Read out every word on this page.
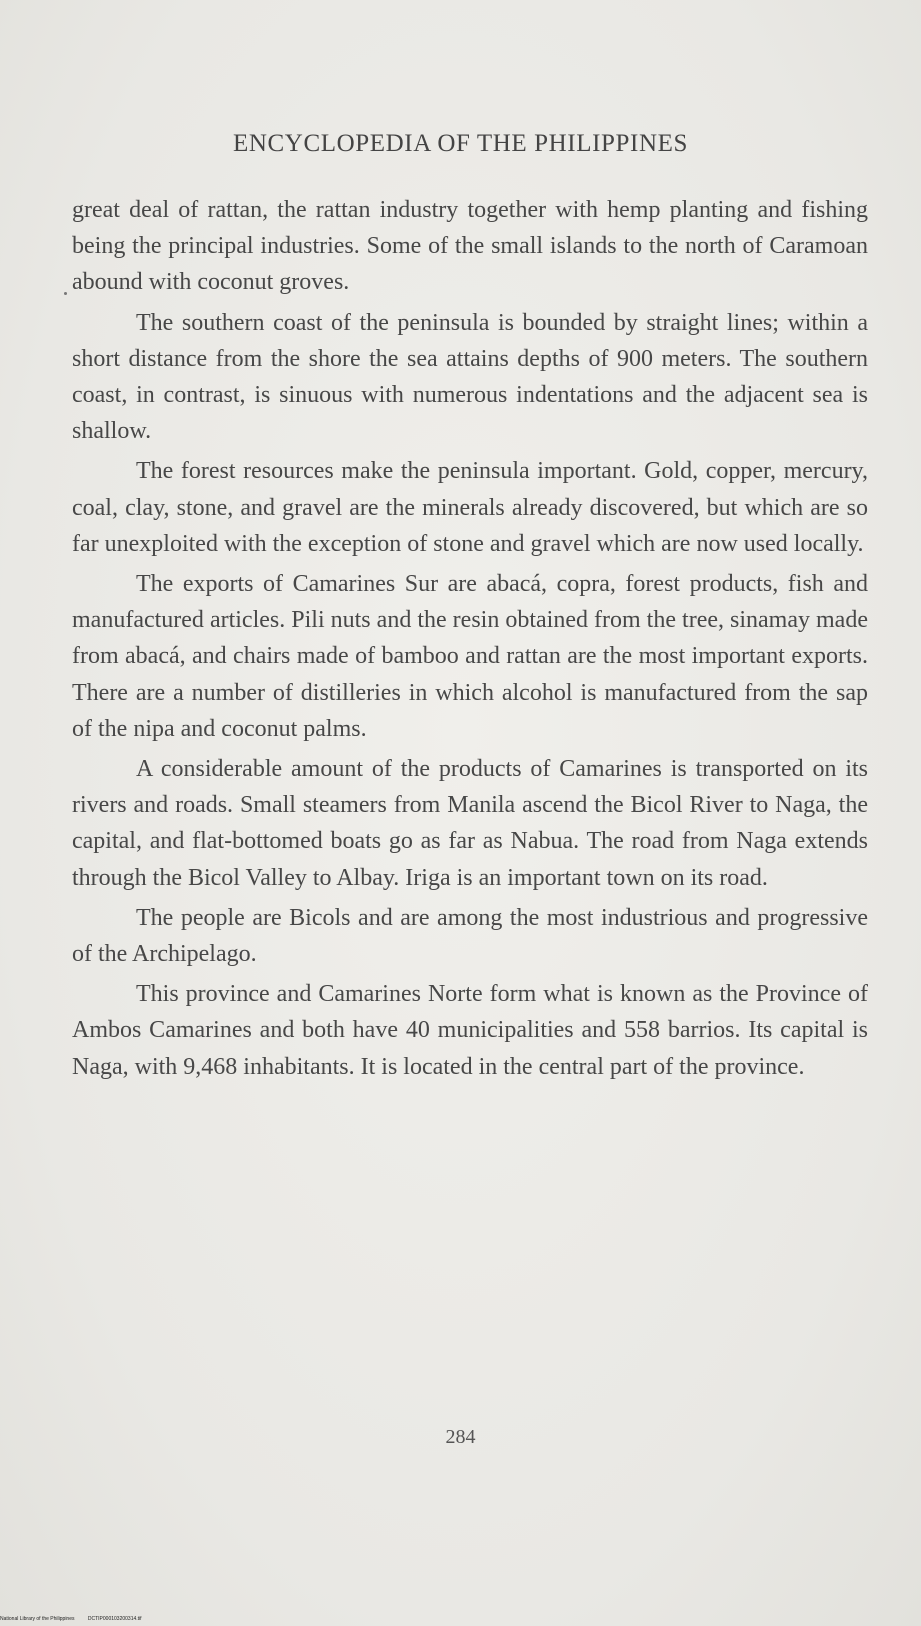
ENCYCLOPEDIA OF THE PHILIPPINES

great deal of rattan, the rattan industry together with hemp planting and fishing being the principal industries. Some of the small islands to the north of Caramoan abound with coconut groves.

The southern coast of the peninsula is bounded by straight lines; within a short distance from the shore the sea attains depths of 900 meters. The southern coast, in contrast, is sinuous with numerous indentations and the adjacent sea is shallow.

The forest resources make the peninsula important. Gold, copper, mercury, coal, clay, stone, and gravel are the minerals already discovered, but which are so far unexploited with the exception of stone and gravel which are now used locally.

The exports of Camarines Sur are abacá, copra, forest products, fish and manufactured articles. Pili nuts and the resin obtained from the tree, sinamay made from abacá, and chairs made of bamboo and rattan are the most important exports. There are a number of distilleries in which alcohol is manufactured from the sap of the nipa and coconut palms.

A considerable amount of the products of Camarines is transported on its rivers and roads. Small steamers from Manila ascend the Bicol River to Naga, the capital, and flat-bottomed boats go as far as Nabua. The road from Naga extends through the Bicol Valley to Albay. Iriga is an important town on its road.

The people are Bicols and are among the most industrious and progressive of the Archipelago.

This province and Camarines Norte form what is known as the Province of Ambos Camarines and both have 40 municipalities and 558 barrios. Its capital is Naga, with 9,468 inhabitants. It is located in the central part of the province.

284
National Library of the Philippines	DCTIP000103200314.tif
